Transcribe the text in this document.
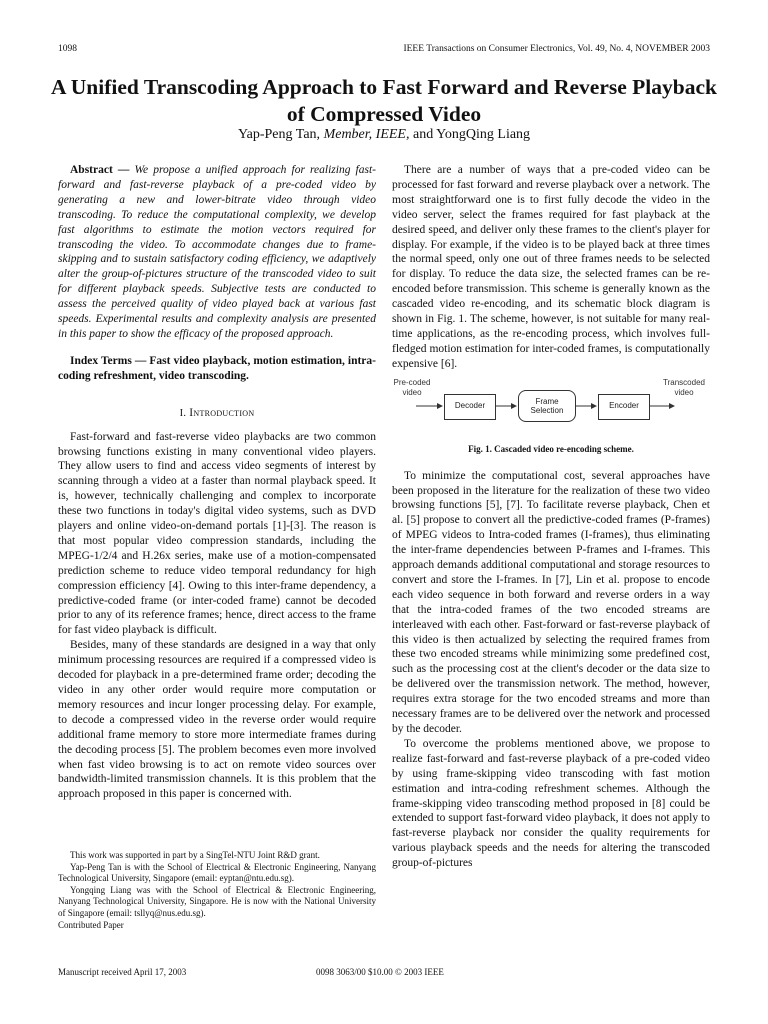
1098	IEEE Transactions on Consumer Electronics, Vol. 49, No. 4, NOVEMBER 2003
A Unified Transcoding Approach to Fast Forward and Reverse Playback of Compressed Video
Yap-Peng Tan, Member, IEEE, and YongQing Liang

Abstract — We propose a unified approach for realizing fast-forward and fast-reverse playback of a pre-coded video by generating a new and lower-bitrate video through video transcoding. To reduce the computational complexity, we develop fast algorithms to estimate the motion vectors required for transcoding the video. To accommodate changes due to frame-skipping and to sustain satisfactory coding efficiency, we adaptively alter the group-of-pictures structure of the transcoded video to suit for different playback speeds. Subjective tests are conducted to assess the perceived quality of video played back at various fast speeds. Experimental results and complexity analysis are presented in this paper to show the efficacy of the proposed approach.

Index Terms — Fast video playback, motion estimation, intra-coding refreshment, video transcoding.

I. Introduction

Fast-forward and fast-reverse video playbacks are two common browsing functions existing in many conventional video players. They allow users to find and access video segments of interest by scanning through a video at a faster than normal playback speed. It is, however, technically challenging and complex to incorporate these two functions in today's digital video systems, such as DVD players and online video-on-demand portals [1]-[3]. The reason is that most popular video compression standards, including the MPEG-1/2/4 and H.26x series, make use of a motion-compensated prediction scheme to reduce video temporal redundancy for high compression efficiency [4]. Owing to this inter-frame dependency, a predictive-coded frame (or inter-coded frame) cannot be decoded prior to any of its reference frames; hence, direct access to the frame for fast video playback is difficult.

Besides, many of these standards are designed in a way that only minimum processing resources are required if a compressed video is decoded for playback in a pre-determined frame order; decoding the video in any other order would require more computation or memory resources and incur longer processing delay. For example, to decode a compressed video in the reverse order would require additional frame memory to store more intermediate frames during the decoding process [5]. The problem becomes even more involved when fast video browsing is to act on remote video sources over bandwidth-limited transmission channels. It is this problem that the approach proposed in this paper is concerned with.

This work was supported in part by a SingTel-NTU Joint R&D grant.

Yap-Peng Tan is with the School of Electrical & Electronic Engineering, Nanyang Technological University, Singapore (email: eyptan@ntu.edu.sg).

Yongqing Liang was with the School of Electrical & Electronic Engineering, Nanyang Technological University, Singapore. He is now with the National University of Singapore (email: tsllyq@nus.edu.sg).

Contributed Paper

Manuscript received April 17, 2003	0098 3063/00 $10.00 © 2003 IEEE

There are a number of ways that a pre-coded video can be processed for fast forward and reverse playback over a network. The most straightforward one is to first fully decode the video in the video server, select the frames required for fast playback at the desired speed, and deliver only these frames to the client's player for display. For example, if the video is to be played back at three times the normal speed, only one out of three frames needs to be selected for display. To reduce the data size, the selected frames can be re-encoded before transmission. This scheme is generally known as the cascaded video re-encoding, and its schematic block diagram is shown in Fig. 1. The scheme, however, is not suitable for many real-time applications, as the re-encoding process, which involves full-fledged motion estimation for inter-coded frames, is computationally expensive [6].

Pre-coded
video
Decoder
Frame
Selection	Encoder
Transcoded
video
Fig. 1. Cascaded video re-encoding scheme.

To minimize the computational cost, several approaches have been proposed in the literature for the realization of these two video browsing functions [5], [7]. To facilitate reverse playback, Chen et al. [5] propose to convert all the predictive-coded frames (P-frames) of MPEG videos to Intra-coded frames (I-frames), thus eliminating the inter-frame dependencies between P-frames and I-frames. This approach demands additional computational and storage resources to convert and store the I-frames. In [7], Lin et al. propose to encode each video sequence in both forward and reverse orders in a way that the intra-coded frames of the two encoded streams are interleaved with each other. Fast-forward or fast-reverse playback of this video is then actualized by selecting the required frames from these two encoded streams while minimizing some predefined cost, such as the processing cost at the client's decoder or the data size to be delivered over the transmission network. The method, however, requires extra storage for the two encoded streams and more than necessary frames are to be delivered over the network and processed by the decoder.

To overcome the problems mentioned above, we propose to realize fast-forward and fast-reverse playback of a pre-coded video by using frame-skipping video transcoding with fast motion estimation and intra-coding refreshment schemes. Although the frame-skipping video transcoding method proposed in [8] could be extended to support fast-forward video playback, it does not apply to fast-reverse playback nor consider the quality requirements for various playback speeds and the needs for altering the transcoded group-of-pictures
